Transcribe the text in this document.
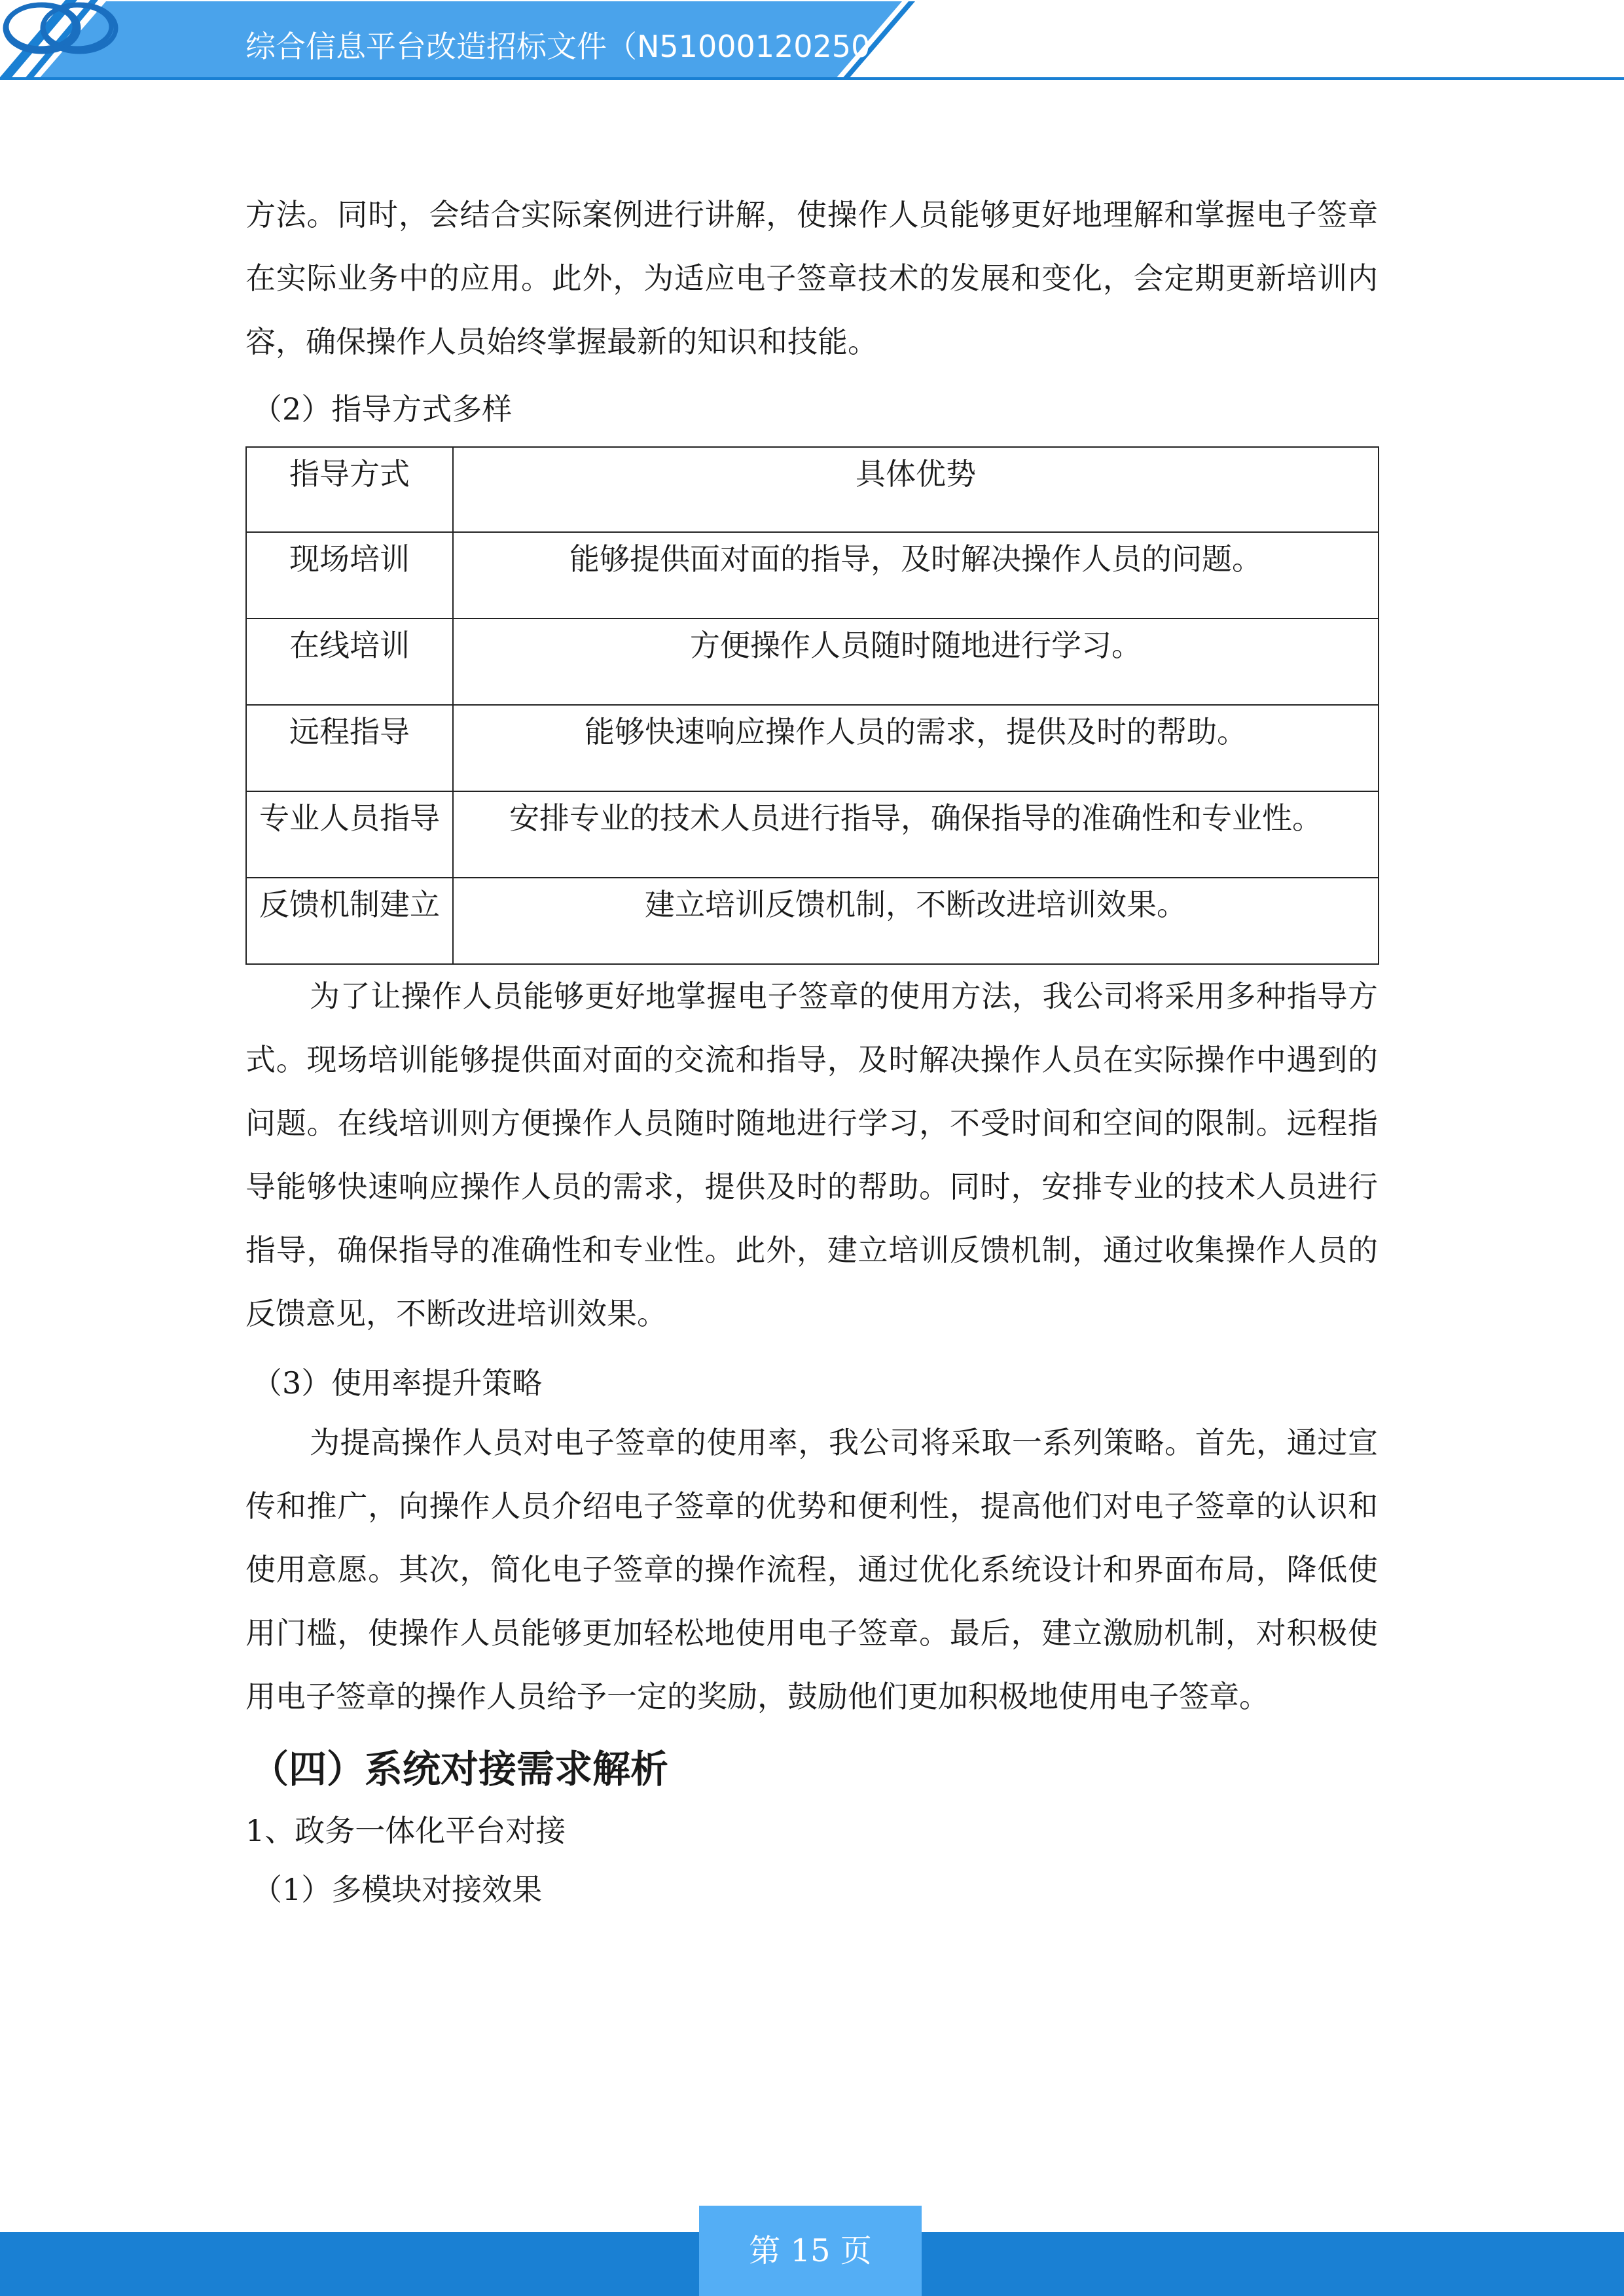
综合信息平台改造招标文件（N51000120250

方法。同时，会结合实际案例进行讲解，使操作人员能够更好地理解和掌握电子签章在实际业务中的应用。此外，为适应电子签章技术的发展和变化，会定期更新培训内容，确保操作人员始终掌握最新的知识和技能。

（2）指导方式多样

指导方式	具体优势
现场培训	能够提供面对面的指导，及时解决操作人员的问题。
在线培训	方便操作人员随时随地进行学习。
远程指导	能够快速响应操作人员的需求，提供及时的帮助。
专业人员指导	安排专业的技术人员进行指导，确保指导的准确性和专业性。
反馈机制建立	建立培训反馈机制，不断改进培训效果。

为了让操作人员能够更好地掌握电子签章的使用方法，我公司将采用多种指导方式。现场培训能够提供面对面的交流和指导，及时解决操作人员在实际操作中遇到的问题。在线培训则方便操作人员随时随地进行学习，不受时间和空间的限制。远程指导能够快速响应操作人员的需求，提供及时的帮助。同时，安排专业的技术人员进行指导，确保指导的准确性和专业性。此外，建立培训反馈机制，通过收集操作人员的反馈意见，不断改进培训效果。

（3）使用率提升策略

为提高操作人员对电子签章的使用率，我公司将采取一系列策略。首先，通过宣传和推广，向操作人员介绍电子签章的优势和便利性，提高他们对电子签章的认识和使用意愿。其次，简化电子签章的操作流程，通过优化系统设计和界面布局，降低使用门槛，使操作人员能够更加轻松地使用电子签章。最后，建立激励机制，对积极使用电子签章的操作人员给予一定的奖励，鼓励他们更加积极地使用电子签章。

（四）系统对接需求解析

1、政务一体化平台对接

（1）多模块对接效果

第 15 页
